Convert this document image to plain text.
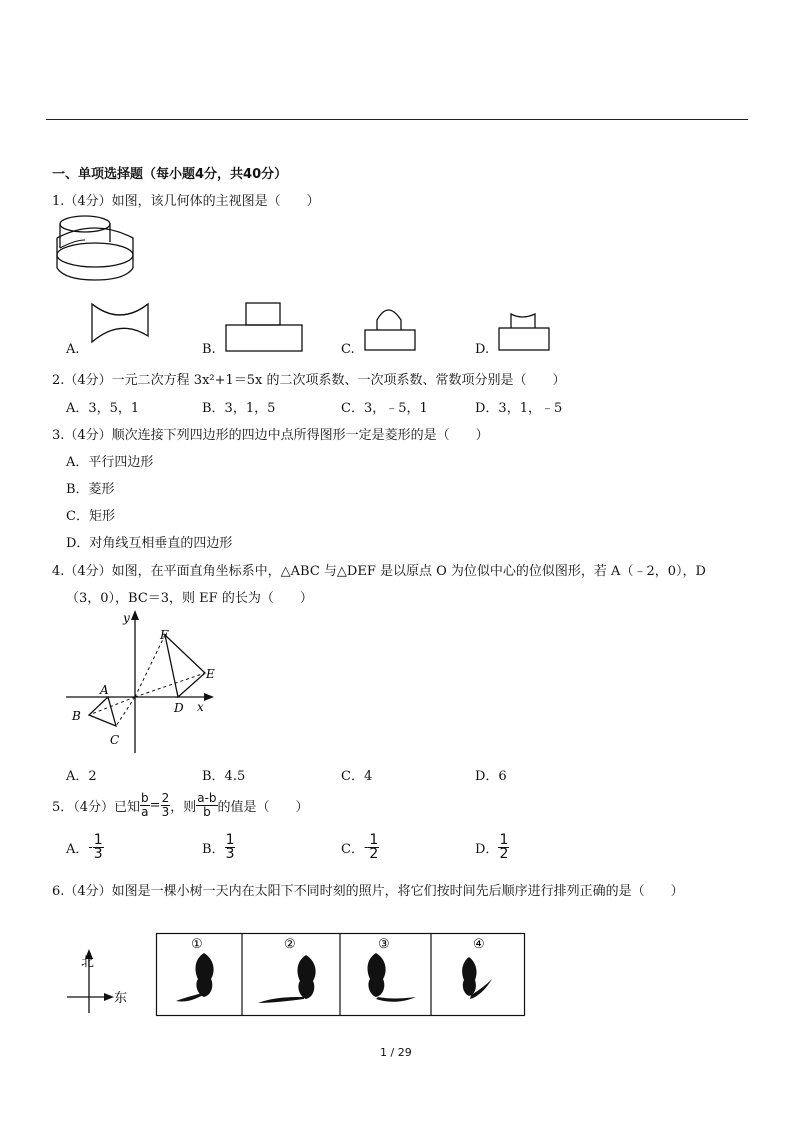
一、单项选择题（每小题4分，共40分）
1.（4分）如图，该几何体的主视图是（　　）
A.	B.	C.	D.
2.（4分）一元二次方程 3x²+1＝5x 的二次项系数、一次项系数、常数项分别是（　　）
A．3，5，1	B．3，1，5	C．3，﹣5，1	D．3，1，﹣5
3.（4分）顺次连接下列四边形的四边中点所得图形一定是菱形的是（　　）
A．平行四边形
B．菱形
C．矩形
D．对角线互相垂直的四边形
4.（4分）如图，在平面直角坐标系中，△ABC 与△DEF 是以原点 O 为位似中心的位似图形，若 A（﹣2，0），D
（3，0），BC＝3，则 EF 的长为（　　）
y
x
A
B
C
D
E
F
A．2	B．4.5	C．4	D．6
5．（4分）已知 $\frac{b}{a} = \frac{2}{3}$ ，则 $\frac{a-b}{b}$ 的值是（　　）
A． - $\frac{1}{3}$	B． $\frac{1}{3}$	C． - $\frac{1}{2}$	D． $\frac{1}{2}$
6.（4分）如图是一棵小树一天内在太阳下不同时刻的照片，将它们按时间先后顺序进行排列正确的是（　　）
北
东
①	②	③	④
1 / 29
